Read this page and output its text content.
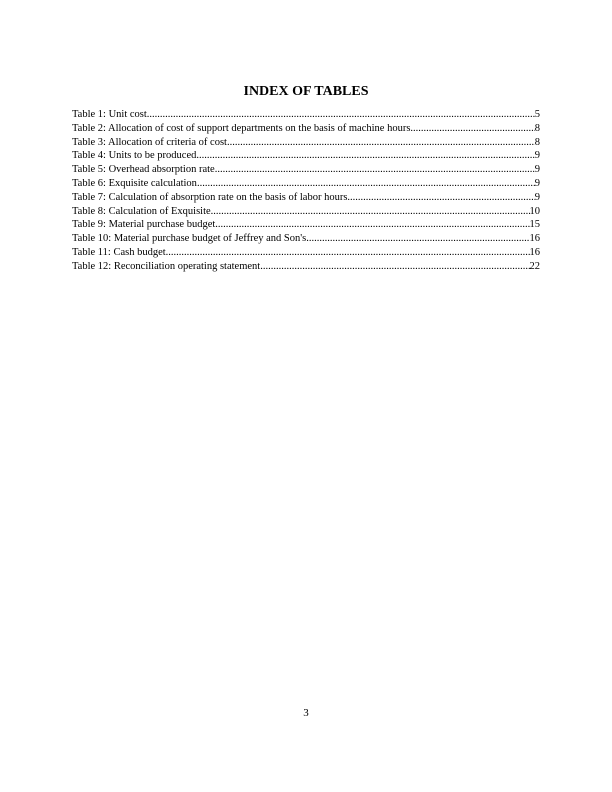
INDEX OF TABLES
Table 1: Unit cost .....	5
Table 2: Allocation of cost of support departments on the basis of machine hours .....	8
Table 3: Allocation of criteria of cost .....	8
Table 4: Units to be produced .....	9
Table 5: Overhead absorption rate .....	9
Table 6: Exquisite calculation .....	9
Table 7: Calculation of absorption rate on the basis of labor hours .....	9
Table 8: Calculation of Exquisite .....	10
Table 9: Material purchase budget .....	15
Table 10: Material purchase budget of Jeffrey and Son's .....	16
Table 11: Cash budget .....	16
Table 12: Reconciliation operating statement .....	22
3
